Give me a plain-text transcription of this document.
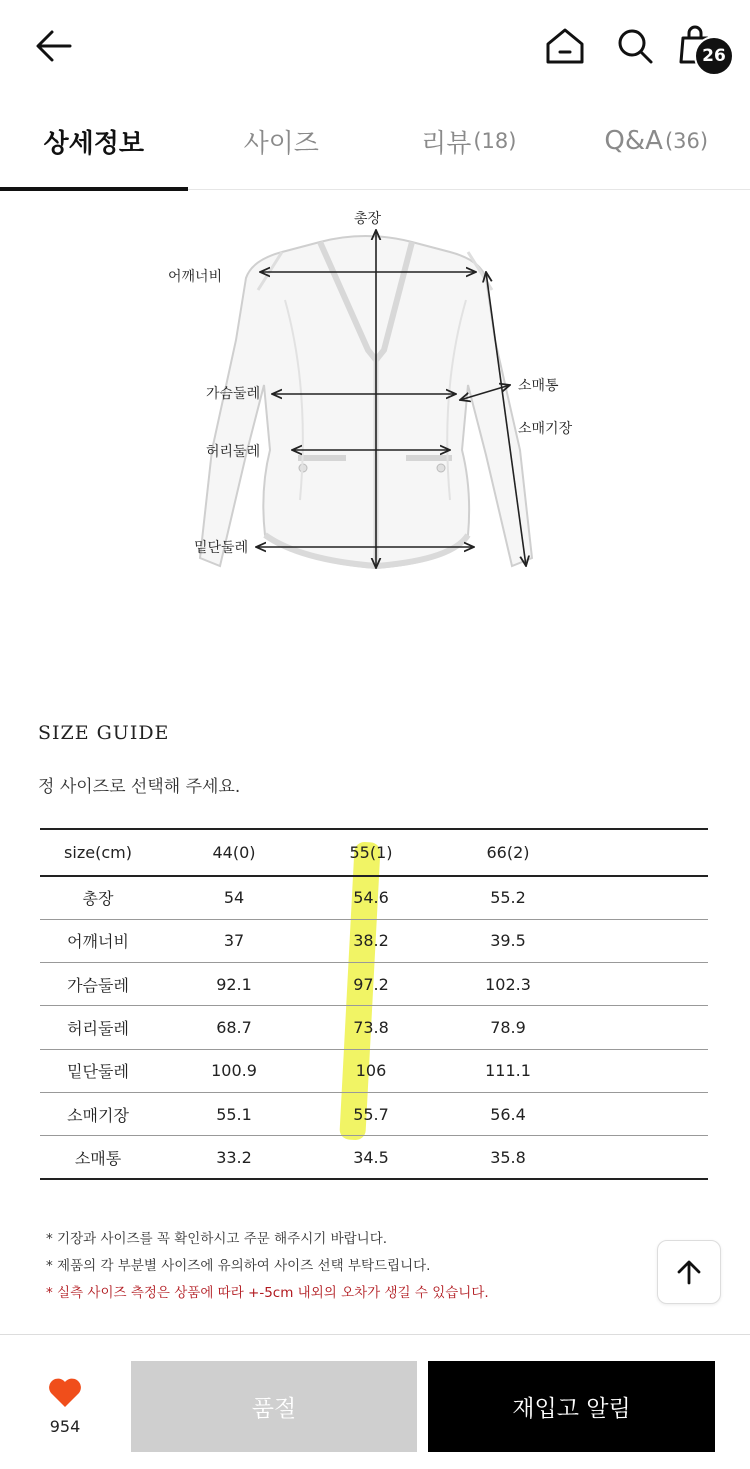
26
상세정보	사이즈	리뷰 (18)	Q&A (36)
총장
어깨너비
가슴둘레
허리둘레
밑단둘레
소매통
소매기장
SIZE GUIDE
정 사이즈로 선택해 주세요.
size(cm)	44(0)	55(1)	66(2)	
총장	54	54.6	55.2	
어깨너비	37	38.2	39.5	
가슴둘레	92.1	97.2	102.3	
허리둘레	68.7	73.8	78.9	
밑단둘레	100.9	106	111.1	
소매기장	55.1	55.7	56.4	
소매통	33.2	34.5	35.8	
* 기장과 사이즈를 꼭 확인하시고 주문 해주시기 바랍니다.
* 제품의 각 부분별 사이즈에 유의하여 사이즈 선택 부탁드립니다.
* 실측 사이즈 측정은 상품에 따라 +-5cm 내외의 오차가 생길 수 있습니다.
954
품절	재입고 알림
